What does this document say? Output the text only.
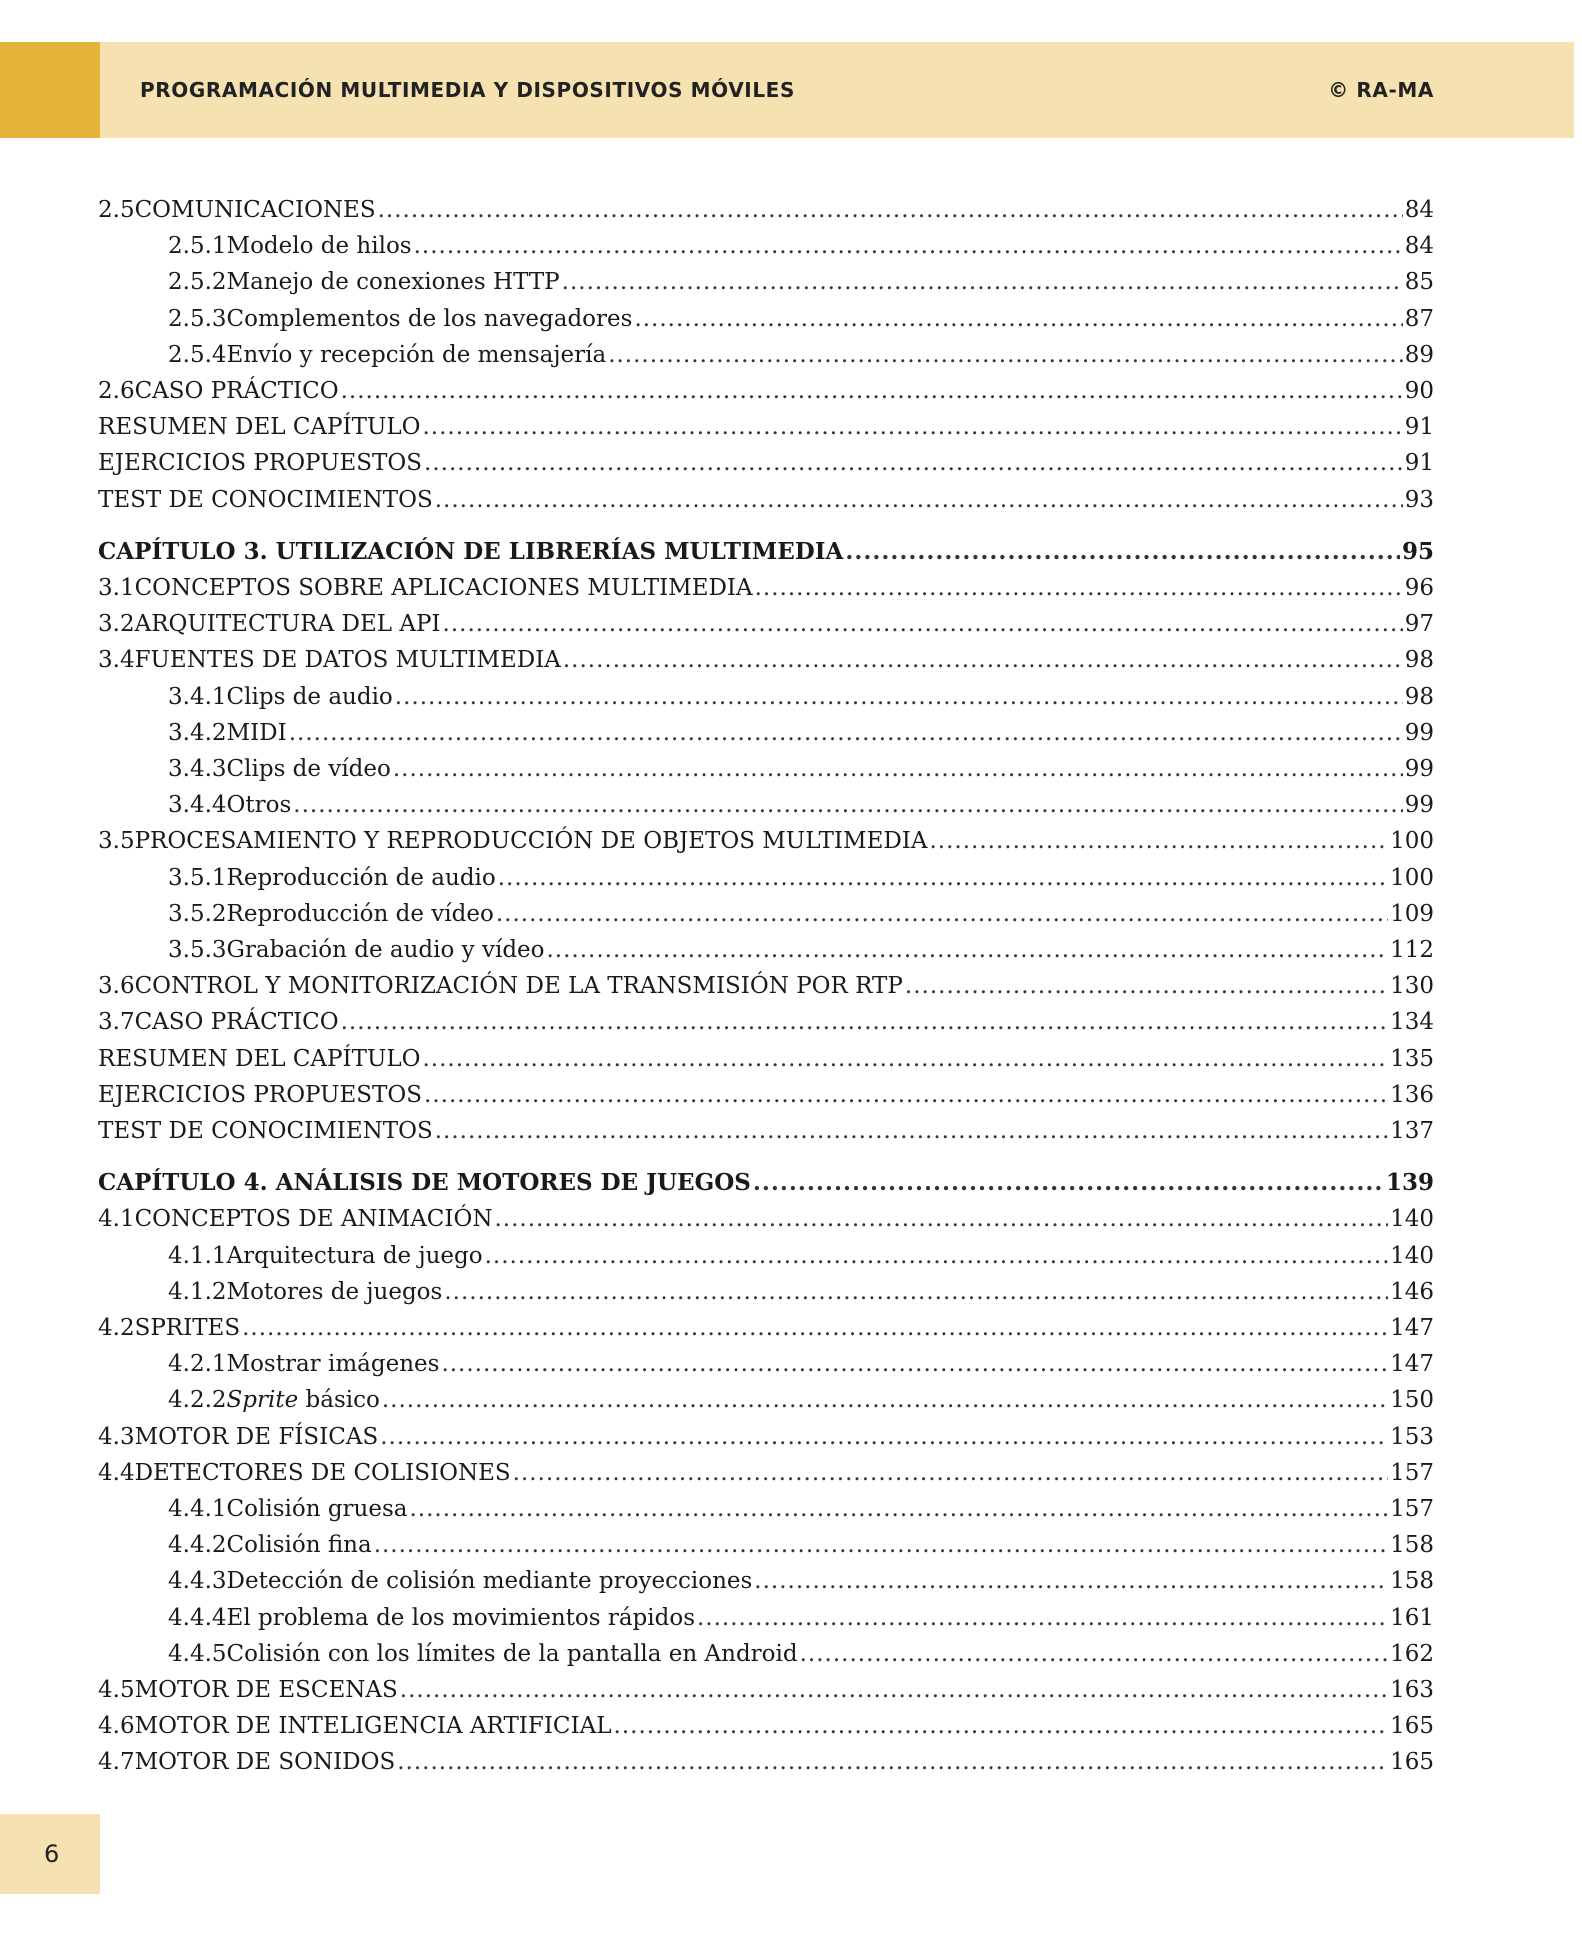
PROGRAMACIÓN MULTIMEDIA Y DISPOSITIVOS MÓVILES	© RA-MA
2.5 COMUNICACIONES .....	84
2.5.1 Modelo de hilos .....	84
2.5.2 Manejo de conexiones HTTP .....	85
2.5.3 Complementos de los navegadores .....	87
2.5.4 Envío y recepción de mensajería .....	89
2.6 CASO PRÁCTICO .....	90
RESUMEN DEL CAPÍTULO .....	91
EJERCICIOS PROPUESTOS .....	91
TEST DE CONOCIMIENTOS .....	93
CAPÍTULO 3. UTILIZACIÓN DE LIBRERÍAS MULTIMEDIA .....	95
3.1 CONCEPTOS SOBRE APLICACIONES MULTIMEDIA .....	96
3.2 ARQUITECTURA DEL API .....	97
3.4 FUENTES DE DATOS MULTIMEDIA .....	98
3.4.1 Clips de audio .....	98
3.4.2 MIDI .....	99
3.4.3 Clips de vídeo .....	99
3.4.4 Otros .....	99
3.5 PROCESAMIENTO Y REPRODUCCIÓN DE OBJETOS MULTIMEDIA .....	100
3.5.1 Reproducción de audio .....	100
3.5.2 Reproducción de vídeo .....	109
3.5.3 Grabación de audio y vídeo .....	112
3.6 CONTROL Y MONITORIZACIÓN DE LA TRANSMISIÓN POR RTP .....	130
3.7 CASO PRÁCTICO .....	134
RESUMEN DEL CAPÍTULO .....	135
EJERCICIOS PROPUESTOS .....	136
TEST DE CONOCIMIENTOS .....	137
CAPÍTULO 4. ANÁLISIS DE MOTORES DE JUEGOS .....	139
4.1 CONCEPTOS DE ANIMACIÓN .....	140
4.1.1 Arquitectura de juego .....	140
4.1.2 Motores de juegos .....	146
4.2 SPRITES .....	147
4.2.1 Mostrar imágenes .....	147
4.2.2 Sprite básico .....	150
4.3 MOTOR DE FÍSICAS .....	153
4.4 DETECTORES DE COLISIONES .....	157
4.4.1 Colisión gruesa .....	157
4.4.2 Colisión fina .....	158
4.4.3 Detección de colisión mediante proyecciones .....	158
4.4.4 El problema de los movimientos rápidos .....	161
4.4.5 Colisión con los límites de la pantalla en Android .....	162
4.5 MOTOR DE ESCENAS .....	163
4.6 MOTOR DE INTELIGENCIA ARTIFICIAL .....	165
4.7 MOTOR DE SONIDOS .....	165
6
